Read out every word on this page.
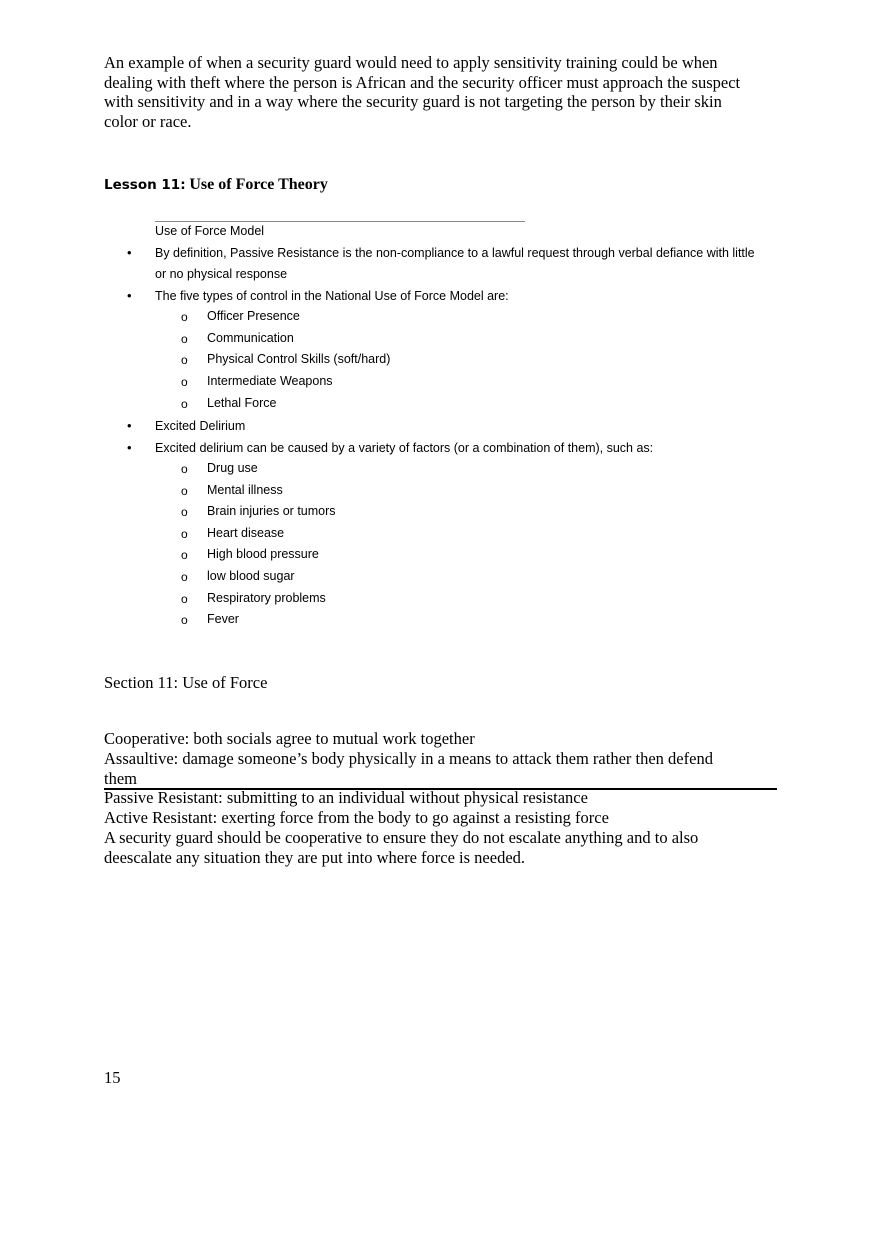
An example of when a security guard would need to apply sensitivity training could be when
dealing with theft where the person is African and the security officer must approach the suspect
with sensitivity and in a way where the security guard is not targeting the person by their skin
color or race.
Lesson 11: Use of Force Theory
Use of Force Model
• By definition, Passive Resistance is the non-compliance to a lawful request through verbal defiance with little
or no physical response
• The five types of control in the National Use of Force Model are:
o Officer Presence
o Communication
o Physical Control Skills (soft/hard)
o Intermediate Weapons
o Lethal Force
• Excited Delirium
• Excited delirium can be caused by a variety of factors (or a combination of them), such as:
o Drug use
o Mental illness
o Brain injuries or tumors
o Heart disease
o High blood pressure
o low blood sugar
o Respiratory problems
o Fever
Section 11: Use of Force
Cooperative: both socials agree to mutual work together
Assaultive: damage someone’s body physically in a means to attack them rather then defend
them
Passive Resistant: submitting to an individual without physical resistance
Active Resistant: exerting force from the body to go against a resisting force
A security guard should be cooperative to ensure they do not escalate anything and to also
deescalate any situation they are put into where force is needed.
15
